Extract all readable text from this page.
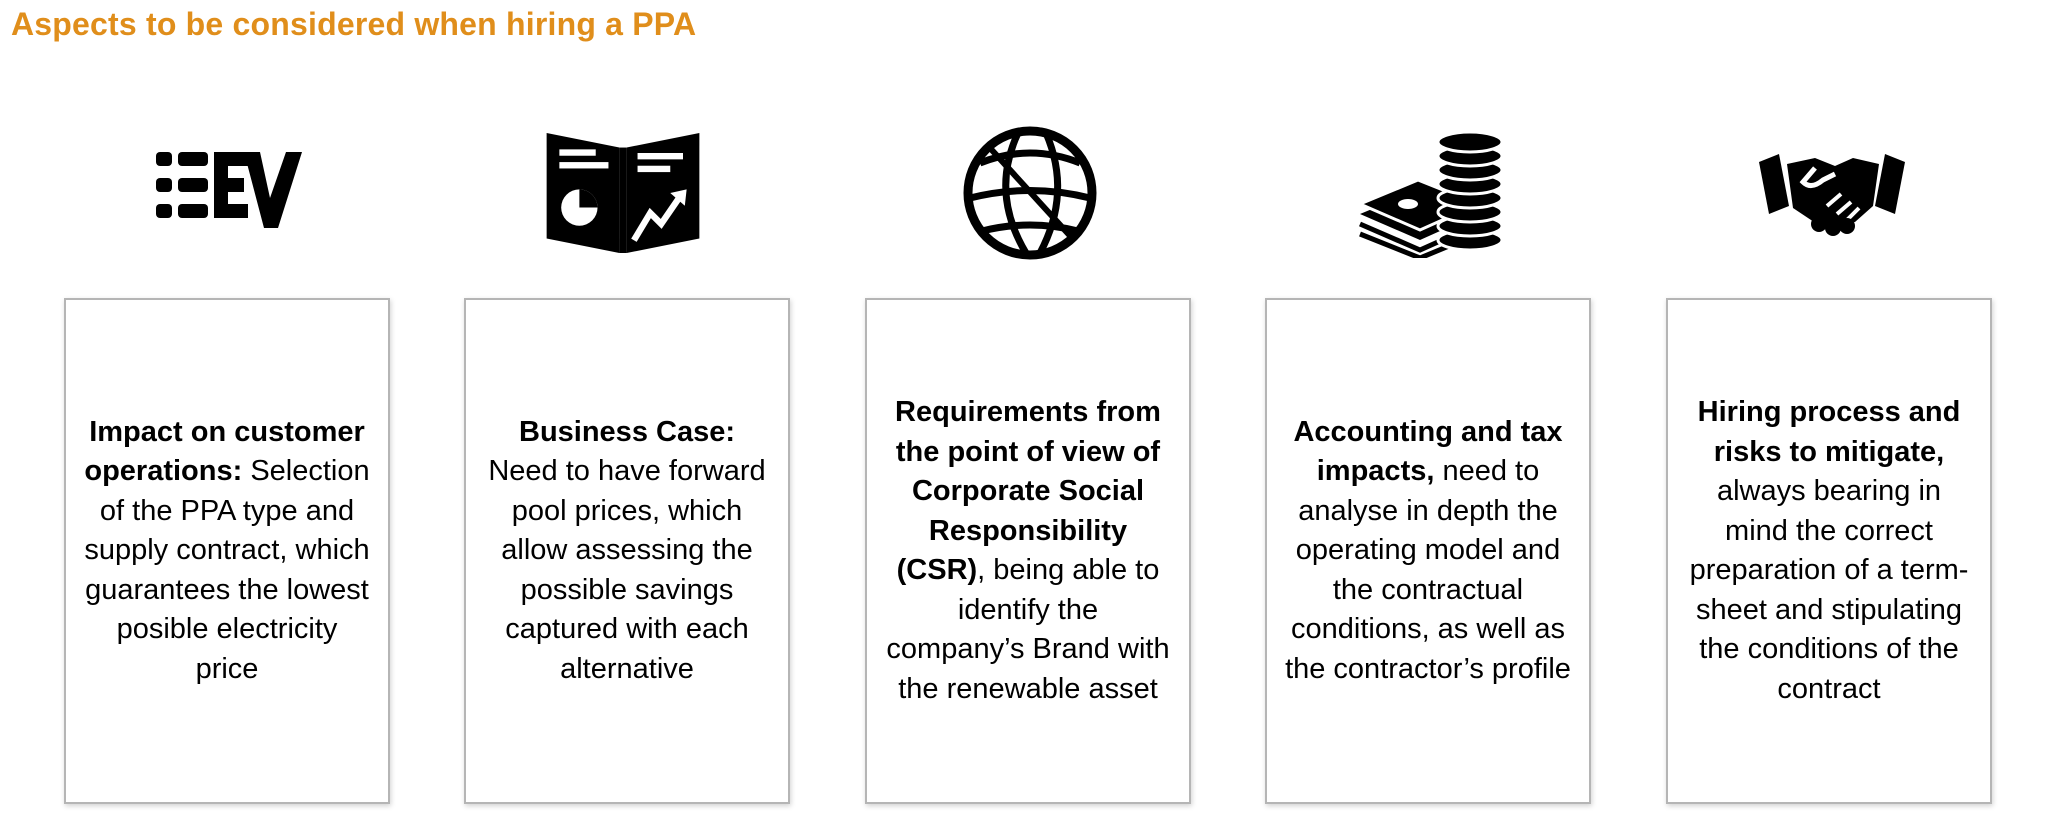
Aspects to be considered when hiring a PPA

Impact on customer operations: Selection of the PPA type and supply contract, which guarantees the lowest posible electricity price

Business Case: Need to have forward pool prices, which allow assessing the possible savings captured with each alternative

Requirements from the point of view of Corporate Social Responsibility (CSR), being able to identify the company’s Brand with the renewable asset

Accounting and tax impacts, need to analyse in depth the operating model and the contractual conditions, as well as the contractor’s profile

Hiring process and risks to mitigate, always bearing in mind the correct preparation of a term-sheet and stipulating the conditions of the contract
